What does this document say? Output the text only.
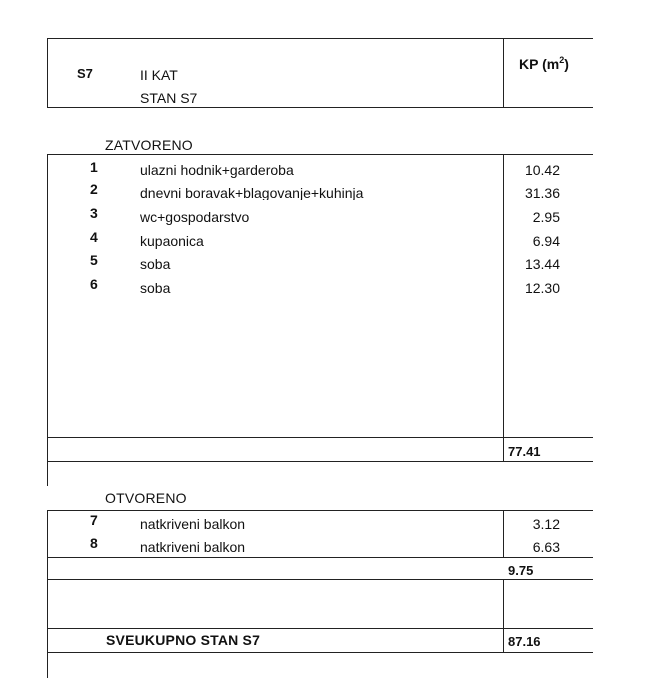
S7	II KAT
STAN S7
KP $(m^2)$
ZATVORENO
1	ulazni hodnik+garderoba	10.42
2	dnevni boravak+blagovanje+kuhinja	31.36
3	wc+gospodarstvo	2.95
4	kupaonica	6.94
5	soba	13.44
6	soba	12.30
77.41
OTVORENO
7	natkriveni balkon	3.12
8	natkriveni balkon	6.63
9.75
SVEUKUPNO STAN S7	87.16
